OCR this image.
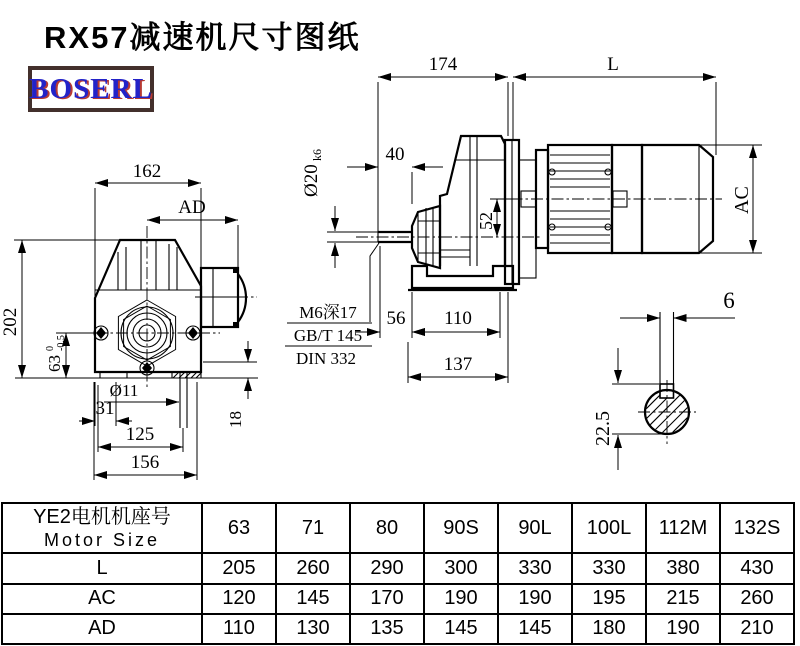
RX57减速机尺寸图纸
BOSERL
162
AD
202
63
0 -0.5
Ø11
31
125
156
18
174	L
40
Ø20
k6
52
AC
56 110
137
M6深17
GB/T 145
DIN 332
6
22.5
YE2电机机座号
Motor Size	63	71	80	90S	90L	100L	112M	132S
L	205	260	290	300	330	330	380	430
AC	120	145	170	190	190	195	215	260
AD	110	130	135	145	145	180	190	210
